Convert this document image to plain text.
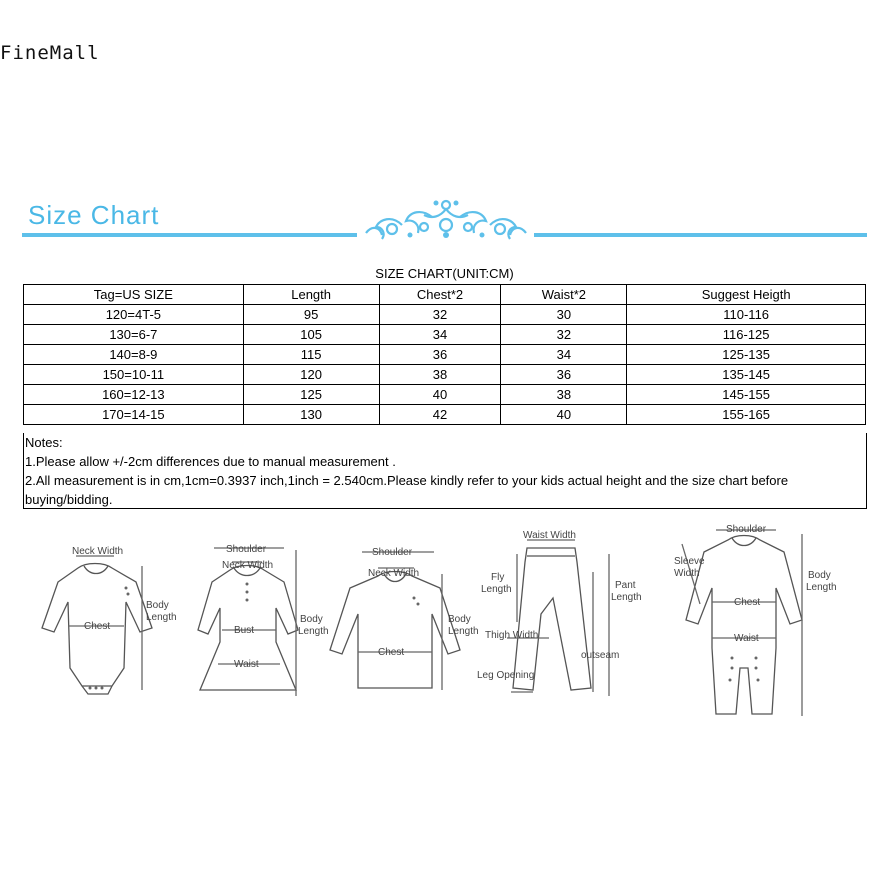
FineMall
Size Chart
SIZE CHART(UNIT:CM)
Tag=US SIZE	Length	Chest*2	Waist*2	Suggest Heigth
120=4T-5	95	32	30	110-116
130=6-7	105	34	32	116-125
140=8-9	115	36	34	125-135
150=10-11	120	38	36	135-145
160=12-13	125	40	38	145-155
170=14-15	130	42	40	155-165
Notes:
1.Please allow +/-2cm differences due to manual measurement .
2.All measurement is in cm,1cm=0.3937 inch,1inch = 2.540cm.Please kindly refer to your kids actual height and the size chart before
buying/bidding.
Neck Width
Body
Length
Chest
Shoulder
Neck Width
Bust
Waist
Body
Length
Shoulder
Neck Width
Chest
Body
Length
Waist Width
Fly
Length
Thigh Width
Pant
Length
outseam
Leg Opening
Shoulder
Sleeve
Width
Chest
Waist
Body
Length
